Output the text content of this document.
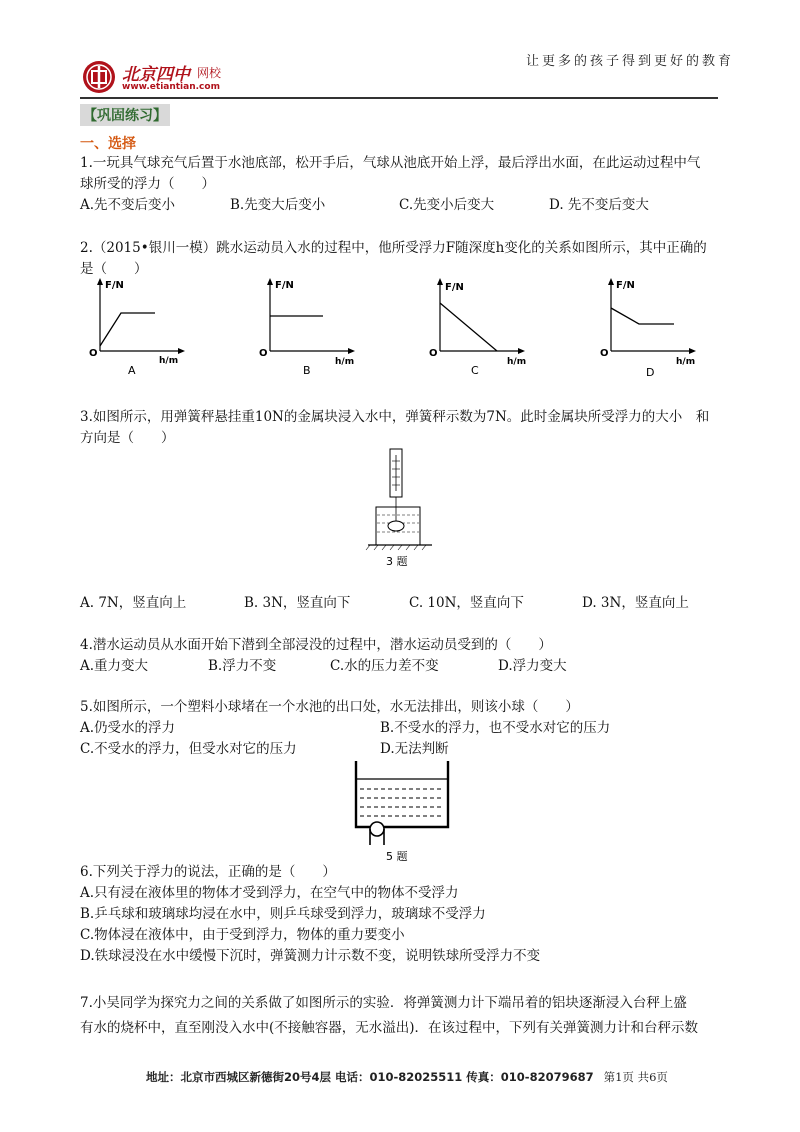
北京四中 网校
www.etiantian.com
让更多的孩子得到更好的教育
【巩固练习】
一、选择
1.一玩具气球充气后置于水池底部，松开手后，气球从池底开始上浮，最后浮出水面，在此运动过程中气
球所受的浮力（　　）
A.先不变后变小	B.先变大后变小	C.先变小后变大	D. 先不变后变大
2.（2015•银川一模）跳水运动员入水的过程中，他所受浮力F随深度h变化的关系如图所示，其中正确的
是（　　）
F/N
O
h/m
A
F/N
O
h/m
B
F/N
O
h/m
C
F/N
O
h/m
D
3.如图所示，用弹簧秤悬挂重10N的金属块浸入水中，弹簧秤示数为7N。此时金属块所受浮力的大小　和
方向是（　　）
3 题
A. 7N，竖直向上	B. 3N，竖直向下	C. 10N，竖直向下	D. 3N，竖直向上
4.潜水运动员从水面开始下潜到全部浸没的过程中，潜水运动员受到的（　　）
A.重力变大	B.浮力不变	C.水的压力差不变	D.浮力变大
5.如图所示，一个塑料小球堵在一个水池的出口处，水无法排出，则该小球（　　）
A.仍受水的浮力	B.不受水的浮力，也不受水对它的压力
C.不受水的浮力，但受水对它的压力	D.无法判断
5 题
6.下列关于浮力的说法，正确的是（　　）
A.只有浸在液体里的物体才受到浮力，在空气中的物体不受浮力
B.乒乓球和玻璃球均浸在水中，则乒乓球受到浮力，玻璃球不受浮力
C.物体浸在液体中，由于受到浮力，物体的重力要变小
D.铁球浸没在水中缓慢下沉时，弹簧测力计示数不变，说明铁球所受浮力不变
7.小吴同学为探究力之间的关系做了如图所示的实验．将弹簧测力计下端吊着的铝块逐渐浸入台秤上盛
有水的烧杯中，直至刚没入水中(不接触容器，无水溢出)．在该过程中，下列有关弹簧测力计和台秤示数
地址：北京市西城区新德街20号4层 电话：010-82025511 传真：010-82079687 第1页 共6页
